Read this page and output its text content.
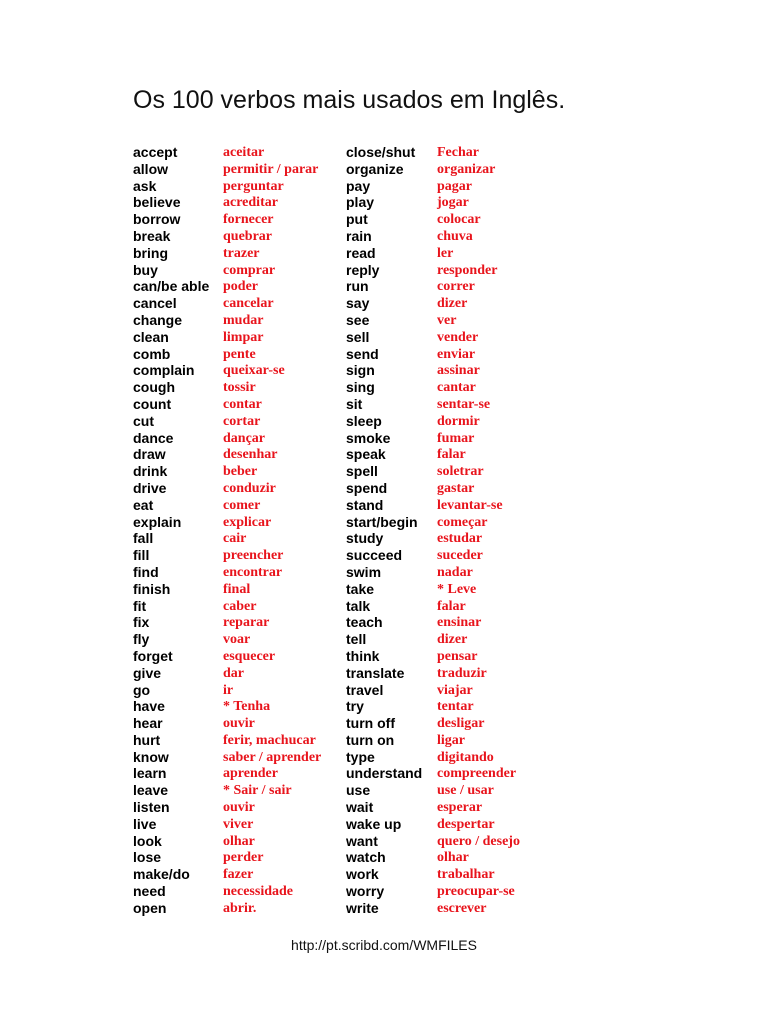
Os 100 verbos mais usados em Inglês.
accept
allow
ask
believe
borrow
break
bring
buy
can/be able
cancel
change
clean
comb
complain
cough
count
cut
dance
draw
drink
drive
eat
explain
fall
fill
find
finish
fit
fix
fly
forget
give
go
have
hear
hurt
know
learn
leave
listen
live
look
lose
make/do
need
open
aceitar
permitir / parar
perguntar
acreditar
fornecer
quebrar
trazer
comprar
poder
cancelar
mudar
limpar
pente
queixar-se
tossir
contar
cortar
dançar
desenhar
beber
conduzir
comer
explicar
cair
preencher
encontrar
final
caber
reparar
voar
esquecer
dar
ir
* Tenha
ouvir
ferir, machucar
saber / aprender
aprender
* Sair / sair
ouvir
viver
olhar
perder
fazer
necessidade
abrir.
close/shut
organize
pay
play
put
rain
read
reply
run
say
see
sell
send
sign
sing
sit
sleep
smoke
speak
spell
spend
stand
start/begin
study
succeed
swim
take
talk
teach
tell
think
translate
travel
try
turn off
turn on
type
understand
use
wait
wake up
want
watch
work
worry
write
Fechar
organizar
pagar
jogar
colocar
chuva
ler
responder
correr
dizer
ver
vender
enviar
assinar
cantar
sentar-se
dormir
fumar
falar
soletrar
gastar
levantar-se
começar
estudar
suceder
nadar
* Leve
falar
ensinar
dizer
pensar
traduzir
viajar
tentar
desligar
ligar
digitando
compreender
use / usar
esperar
despertar
quero / desejo
olhar
trabalhar
preocupar-se
escrever
http://pt.scribd.com/WMFILES
